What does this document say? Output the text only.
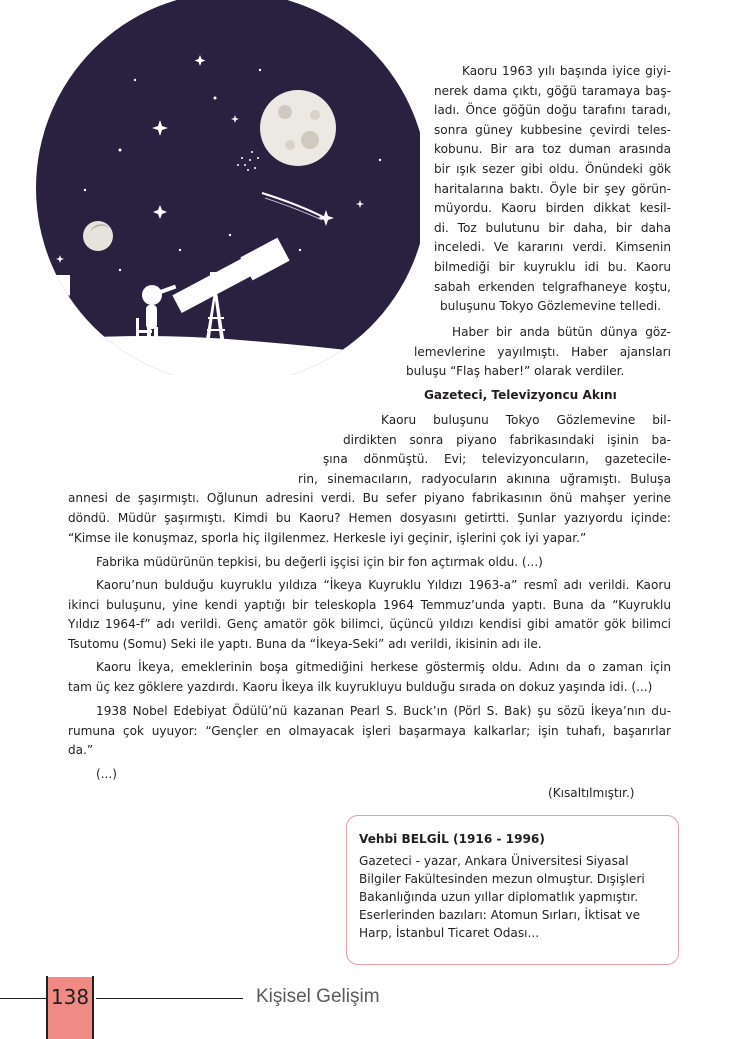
Kaoru 1963 yılı başında iyice giyi-
nerek dama çıktı, göğü taramaya baş-
ladı. Önce göğün doğu tarafını taradı,
sonra güney kubbesine çevirdi teles-
kobunu. Bir ara toz duman arasında
bir ışık sezer gibi oldu. Önündeki gök
haritalarına baktı. Öyle bir şey görün-
müyordu. Kaoru birden dikkat kesil-
di. Toz bulutunu bir daha, bir daha
inceledi. Ve kararını verdi. Kimsenin
bilmediği bir kuyruklu idi bu. Kaoru
sabah erkenden telgrafhaneye koştu,
buluşunu Tokyo Gözlemevine telledi.
Haber bir anda bütün dünya göz-
lemevlerine yayılmıştı. Haber ajansları
buluşu “Flaş haber!” olarak verdiler.
Gazeteci, Televizyoncu Akını
Kaoru buluşunu Tokyo Gözlemevine bil-
dirdikten sonra piyano fabrikasındaki işinin ba-
şına dönmüştü. Evi; televizyoncuların, gazetecile-
rin, sinemacıların, radyocuların akınına uğramıştı. Buluşa
annesi de şaşırmıştı. Oğlunun adresini verdi. Bu sefer piyano fabrikasının önü mahşer yerine
döndü. Müdür şaşırmıştı. Kimdi bu Kaoru? Hemen dosyasını getirtti. Şunlar yazıyordu içinde:
“Kimse ile konuşmaz, sporla hiç ilgilenmez. Herkesle iyi geçinir, işlerini çok iyi yapar.”
Fabrika müdürünün tepkisi, bu değerli işçisi için bir fon açtırmak oldu. (...)
Kaoru’nun bulduğu kuyruklu yıldıza “İkeya Kuyruklu Yıldızı 1963-a” resmî adı verildi. Kaoru
ikinci buluşunu, yine kendi yaptığı bir teleskopla 1964 Temmuz’unda yaptı. Buna da “Kuyruklu
Yıldız 1964-f” adı verildi. Genç amatör gök bilimci, üçüncü yıldızı kendisi gibi amatör gök bilimci
Tsutomu (Somu) Seki ile yaptı. Buna da “İkeya-Seki” adı verildi, ikisinin adı ile.
Kaoru İkeya, emeklerinin boşa gitmediğini herkese göstermiş oldu. Adını da o zaman için
tam üç kez göklere yazdırdı. Kaoru İkeya ilk kuyrukluyu bulduğu sırada on dokuz yaşında idi. (...)
1938 Nobel Edebiyat Ödülü’nü kazanan Pearl S. Buck’ın (Pörl S. Bak) şu sözü İkeya’nın du-
rumuna çok uyuyor: “Gençler en olmayacak işleri başarmaya kalkarlar; işin tuhafı, başarırlar
da.”
(...)
(Kısaltılmıştır.)
Vehbi BELGİL (1916 - 1996)
Gazeteci - yazar, Ankara Üniversitesi Siyasal
Bilgiler Fakültesinden mezun olmuştur. Dışişleri
Bakanlığında uzun yıllar diplomatlık yapmıştır.
Eserlerinden bazıları: Atomun Sırları, İktisat ve
Harp, İstanbul Ticaret Odası...
138	Kişisel Gelişim
